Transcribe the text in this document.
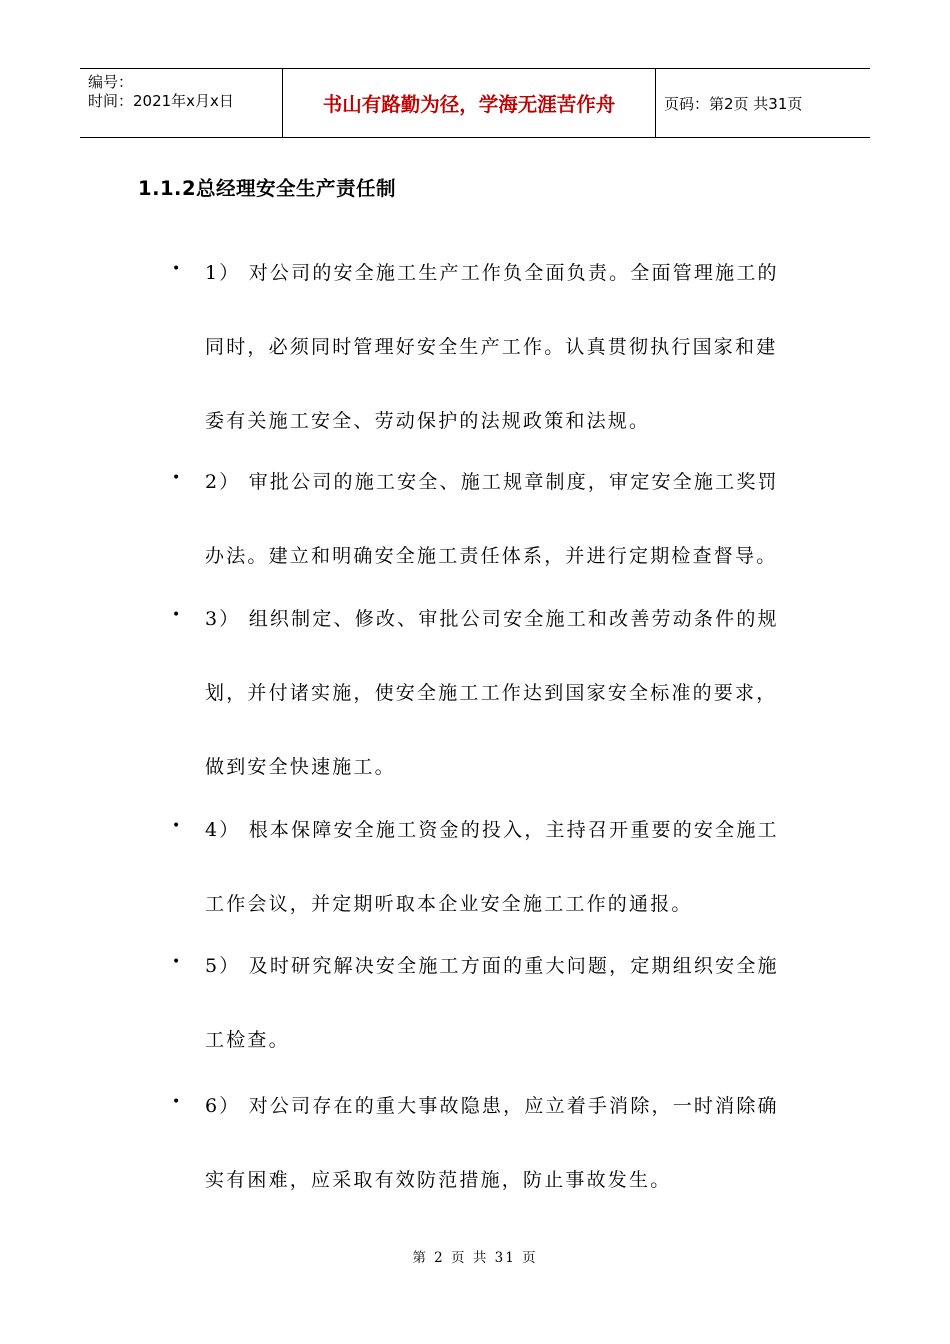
编号：
时间：2021年x月x日	书山有路勤为径，学海无涯苦作舟	页码：第2页 共31页
1.1.2总经理安全生产责任制
• 1） 对公司的安全施工生产工作负全面负责。全面管理施工的
同时，必须同时管理好安全生产工作。认真贯彻执行国家和建
委有关施工安全、劳动保护的法规政策和法规。
• 2） 审批公司的施工安全、施工规章制度，审定安全施工奖罚
办法。建立和明确安全施工责任体系，并进行定期检查督导。
• 3） 组织制定、修改、审批公司安全施工和改善劳动条件的规
划，并付诸实施，使安全施工工作达到国家安全标准的要求，
做到安全快速施工。
• 4） 根本保障安全施工资金的投入，主持召开重要的安全施工
工作会议，并定期听取本企业安全施工工作的通报。
• 5） 及时研究解决安全施工方面的重大问题，定期组织安全施
工检查。
• 6） 对公司存在的重大事故隐患，应立着手消除，一时消除确
实有困难，应采取有效防范措施，防止事故发生。
第 2 页 共 31 页
